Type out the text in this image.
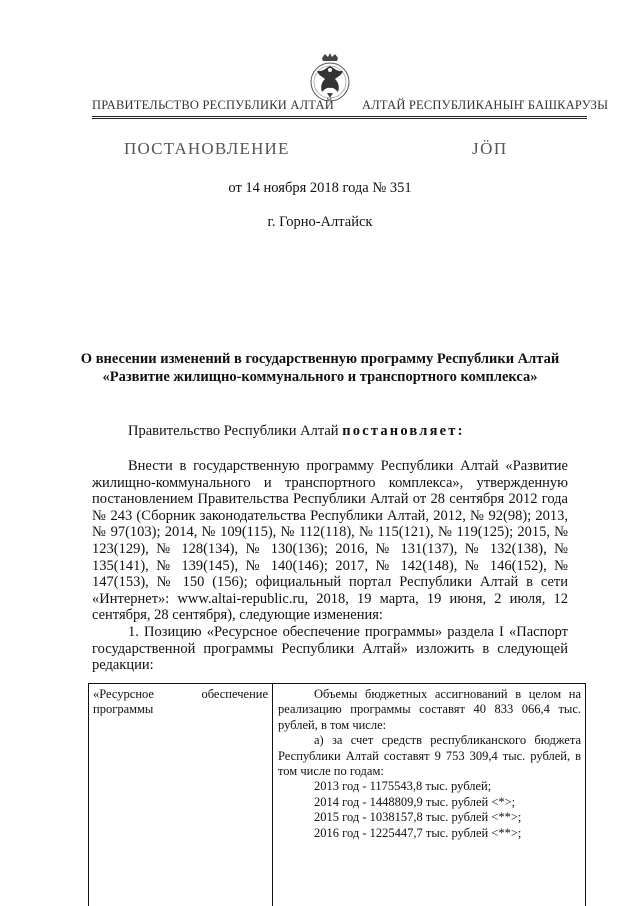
ПРАВИТЕЛЬСТВО РЕСПУБЛИКИ АЛТАЙ АЛТАЙ РЕСПУБЛИКАНЫҤ БАШКАРУЗЫ
ПОСТАНОВЛЕНИЕ	JÖП
от 14 ноября 2018 года № 351
г. Горно-Алтайск
О внесении изменений в государственную программу Республики Алтай
«Развитие жилищно-коммунального и транспортного комплекса»
Правительство Республики Алтай постановляет:

Внести в государственную программу Республики Алтай «Развитие жилищно-коммунального и транспортного комплекса», утвержденную постановлением Правительства Республики Алтай от 28 сентября 2012 года № 243 (Сборник законодательства Республики Алтай, 2012, № 92(98); 2013, № 97(103); 2014, № 109(115), № 112(118), № 115(121), № 119(125); 2015, № 123(129), № 128(134), № 130(136); 2016, № 131(137), № 132(138), № 135(141), № 139(145), № 140(146); 2017, № 142(148), № 146(152), № 147(153), № 150 (156); официальный портал Республики Алтай в сети «Интернет»: www.altai-republic.ru, 2018, 19 марта, 19 июня, 2 июля, 12 сентября, 28 сентября), следующие изменения:

1. Позицию «Ресурсное обеспечение программы» раздела I «Паспорт государственной программы Республики Алтай» изложить в следующей редакции:

«Ресурсное обеспечение программы

Объемы бюджетных ассигнований в целом на реализацию программы составят 40 833 066,4 тыс. рублей, в том числе:

а) за счет средств республиканского бюджета Республики Алтай составят 9 753 309,4 тыс. рублей, в том числе по годам:

2013 год - 1175543,8 тыс. рублей;

2014 год - 1448809,9 тыс. рублей <*>;

2015 год - 1038157,8 тыс. рублей <**>;

2016 год - 1225447,7 тыс. рублей <**>;
